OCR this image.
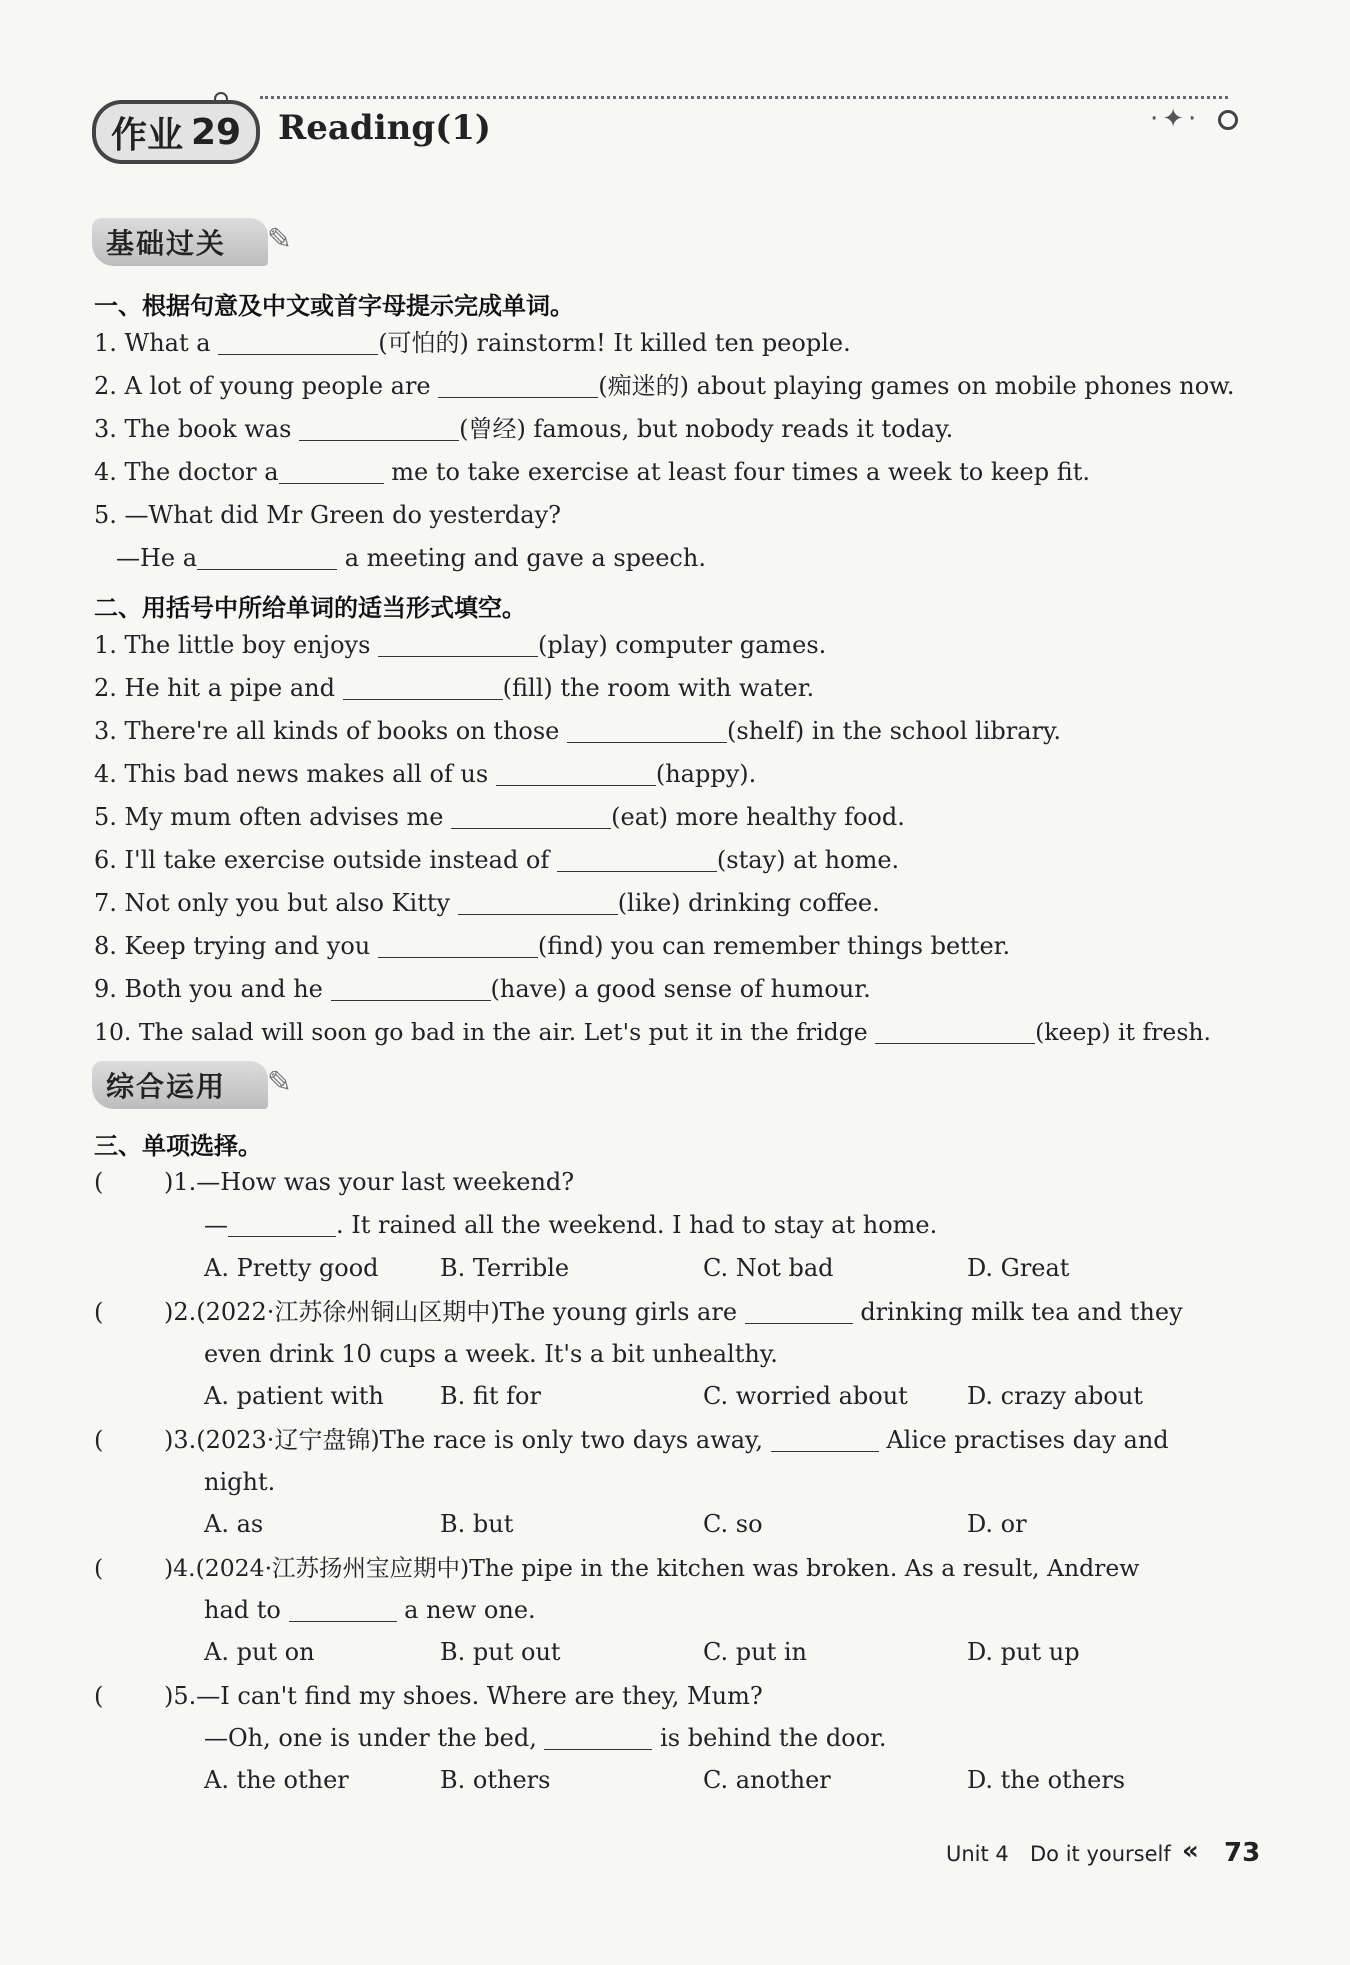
作业 29 Reading(1)	·✦·
基础过关 ✎
一、根据句意及中文或首字母提示完成单词。
1. What a	(可怕的) rainstorm! It killed ten people.
2. A lot of young people are	(痴迷的) about playing games on mobile phones now.
3. The book was	(曾经) famous, but nobody reads it today.
4. The doctor a	me to take exercise at least four times a week to keep fit.
5. —What did Mr Green do yesterday?
—He a	a meeting and gave a speech.
二、用括号中所给单词的适当形式填空。
1. The little boy enjoys	(play) computer games.
2. He hit a pipe and	(fill) the room with water.
3. There're all kinds of books on those	(shelf) in the school library.
4. This bad news makes all of us	(happy).
5. My mum often advises me	(eat) more healthy food.
6. I'll take exercise outside instead of	(stay) at home.
7. Not only you but also Kitty	(like) drinking coffee.
8. Keep trying and you	(find) you can remember things better.
9. Both you and he	(have) a good sense of humour.
10. The salad will soon go bad in the air. Let's put it in the fridge	(keep) it fresh.
综合运用 ✎
三、单项选择。
(	)1.—How was your last weekend?
—	. It rained all the weekend. I had to stay at home.
A. Pretty good	B. Terrible	C. Not bad	D. Great
(	)2.(2022·江苏徐州铜山区期中)The young girls are	drinking milk tea and they
even drink 10 cups a week. It's a bit unhealthy.
A. patient with B. fit for	C. worried about D. crazy about
(	)3.(2023·辽宁盘锦)The race is only two days away,	Alice practises day and
night.
A. as	B. but	C. so	D. or
(	)4.(2024·江苏扬州宝应期中)The pipe in the kitchen was broken. As a result, Andrew
had to	a new one.
A. put on	B. put out	C. put in	D. put up
(	)5.—I can't find my shoes. Where are they, Mum?
—Oh, one is under the bed,	is behind the door.
A. the other	B. others	C. another	D. the others
Unit 4 Do it yourself « 73
